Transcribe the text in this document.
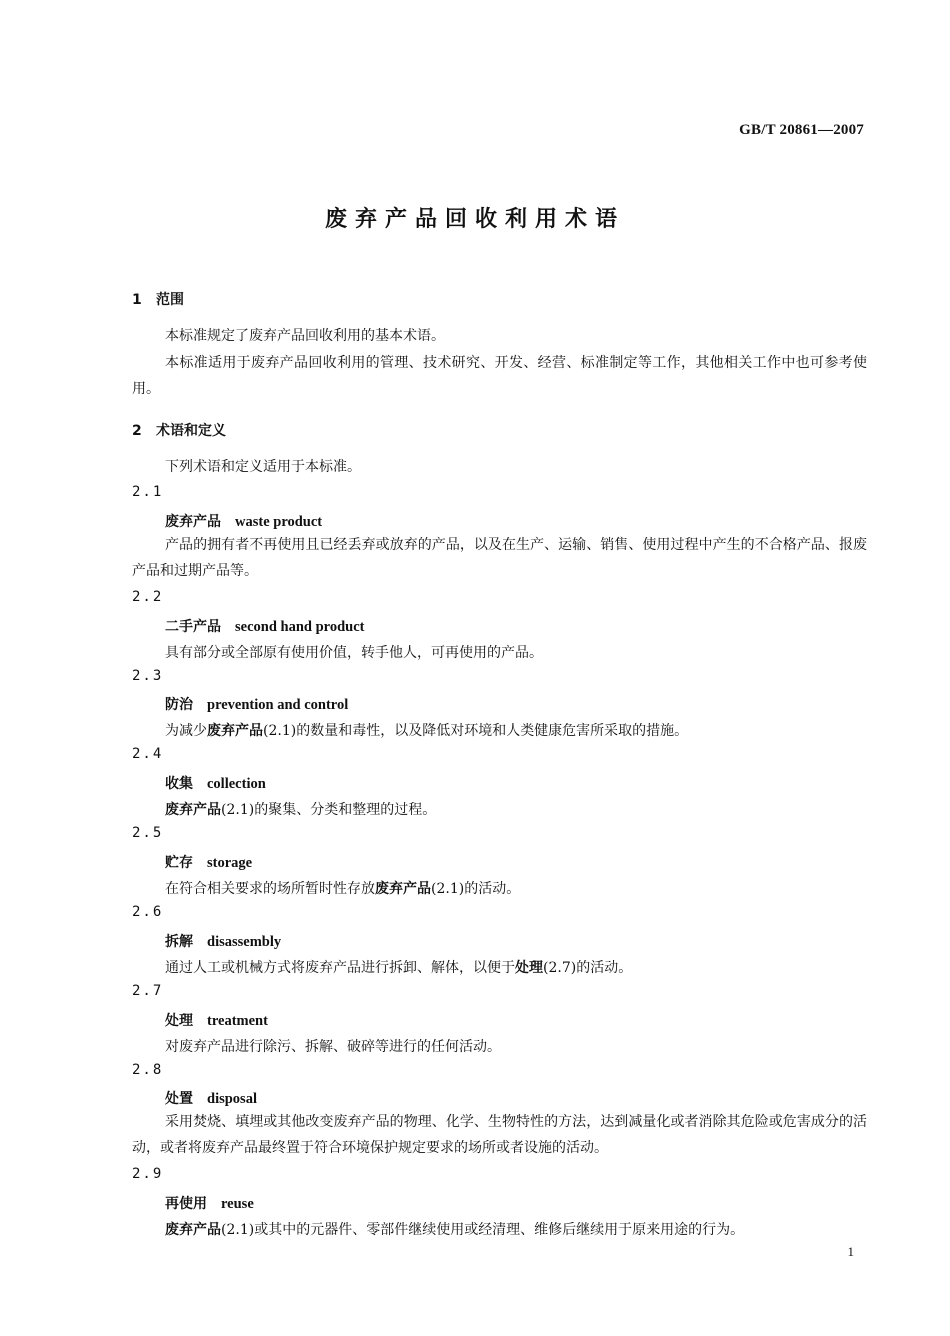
GB/T 20861—2007
废弃产品回收利用术语
1 范围
本标准规定了废弃产品回收利用的基本术语。
本标准适用于废弃产品回收利用的管理、技术研究、开发、经营、标准制定等工作，其他相关工作中也可参考使用。
2 术语和定义
下列术语和定义适用于本标准。
2.1
废弃产品 waste product
产品的拥有者不再使用且已经丢弃或放弃的产品，以及在生产、运输、销售、使用过程中产生的不合格产品、报废产品和过期产品等。
2.2
二手产品 second hand product
具有部分或全部原有使用价值，转手他人，可再使用的产品。
2.3
防治 prevention and control
为减少废弃产品(2.1)的数量和毒性，以及降低对环境和人类健康危害所采取的措施。
2.4
收集 collection
废弃产品(2.1)的聚集、分类和整理的过程。
2.5
贮存 storage
在符合相关要求的场所暂时性存放废弃产品(2.1)的活动。
2.6
拆解 disassembly
通过人工或机械方式将废弃产品进行拆卸、解体，以便于处理(2.7)的活动。
2.7
处理 treatment
对废弃产品进行除污、拆解、破碎等进行的任何活动。
2.8
处置 disposal
采用焚烧、填埋或其他改变废弃产品的物理、化学、生物特性的方法，达到减量化或者消除其危险或危害成分的活动，或者将废弃产品最终置于符合环境保护规定要求的场所或者设施的活动。
2.9
再使用 reuse
废弃产品(2.1)或其中的元器件、零部件继续使用或经清理、维修后继续用于原来用途的行为。
1
